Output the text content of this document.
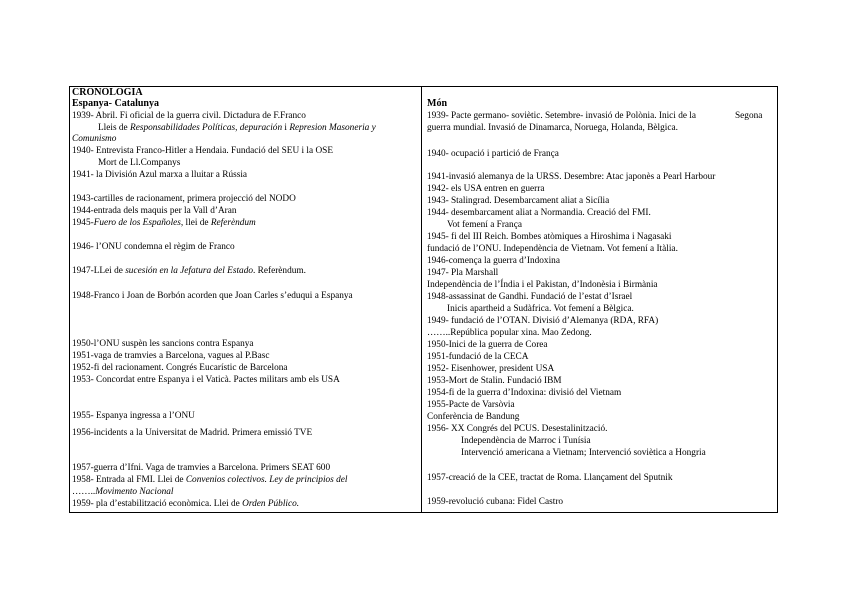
CRONOLOGIA
Espanya- Catalunya
1939- Abril. Fi oficial de la guerra civil. Dictadura de F.Franco
Lleis de Responsabilidades Políticas, depuración i Represion Masoneria y
Comunismo
1940- Entrevista Franco-Hitler a Hendaia. Fundació del SEU i la OSE
Mort de Ll.Companys
1941- la División Azul marxa a lluitar a Rússia
1943-cartilles de racionament, primera projecció del NODO
1944-entrada dels maquis per la Vall d’Aran
1945-Fuero de los Españoles, llei de Referèndum
1946- l’ONU condemna el règim de Franco
1947-LLei de sucesión en la Jefatura del Estado. Referèndum.
1948-Franco i Joan de Borbón acorden que Joan Carles s’eduqui a Espanya
1950-l’ONU suspèn les sancions contra Espanya
1951-vaga de tramvies a Barcelona, vagues al P.Basc
1952-fi del racionament. Congrés Eucarístic de Barcelona
1953- Concordat entre Espanya i el Vaticà. Pactes militars amb els USA
1955- Espanya ingressa a l’ONU
1956-incidents a la Universitat de Madrid. Primera emissió TVE
1957-guerra d’Ifni. Vaga de tramvies a Barcelona. Primers SEAT 600
1958- Entrada al FMI. Llei de Convenios colectivos. Ley de principios del
……..Movimento Nacional
1959- pla d’estabilització econòmica. Llei de Orden Público.
Món
1939- Pacte germano- soviètic. Setembre- invasió de Polònia. Inici de la	Segona
guerra mundial. Invasió de Dinamarca, Noruega, Holanda, Bèlgica.
1940- ocupació i partició de França
1941-invasió alemanya de la URSS. Desembre: Atac japonès a Pearl Harbour
1942- els USA entren en guerra
1943- Stalingrad. Desembarcament aliat a Sicília
1944- desembarcament aliat a Normandia. Creació del FMI.
Vot femení a França
1945- fi del III Reich. Bombes atòmiques a Hiroshima i Nagasaki
fundació de l’ONU. Independència de Vietnam. Vot femení a Itàlia.
1946-comença la guerra d’Indoxina
1947- Pla Marshall
Independència de l’Índia i el Pakistan, d’Indonèsia i Birmània
1948-assassinat de Gandhi. Fundació de l’estat d’Israel
Inicis apartheid a Sudàfrica. Vot femení a Bèlgica.
1949- fundació de l’OTAN. Divisió d’Alemanya (RDA, RFA)
……..República popular xina. Mao Zedong.
1950-Inici de la guerra de Corea
1951-fundació de la CECA
1952- Eisenhower, president USA
1953-Mort de Stalin. Fundació IBM
1954-fi de la guerra d’Indoxina: divisió del Vietnam
1955-Pacte de Varsòvia
Conferència de Bandung
1956- XX Congrés del PCUS. Desestalinització.
Independència de Marroc i Tunísia
Intervenció americana a Vietnam; Intervenció soviètica a Hongria
1957-creació de la CEE, tractat de Roma. Llançament del Sputnik
1959-revolució cubana: Fidel Castro
